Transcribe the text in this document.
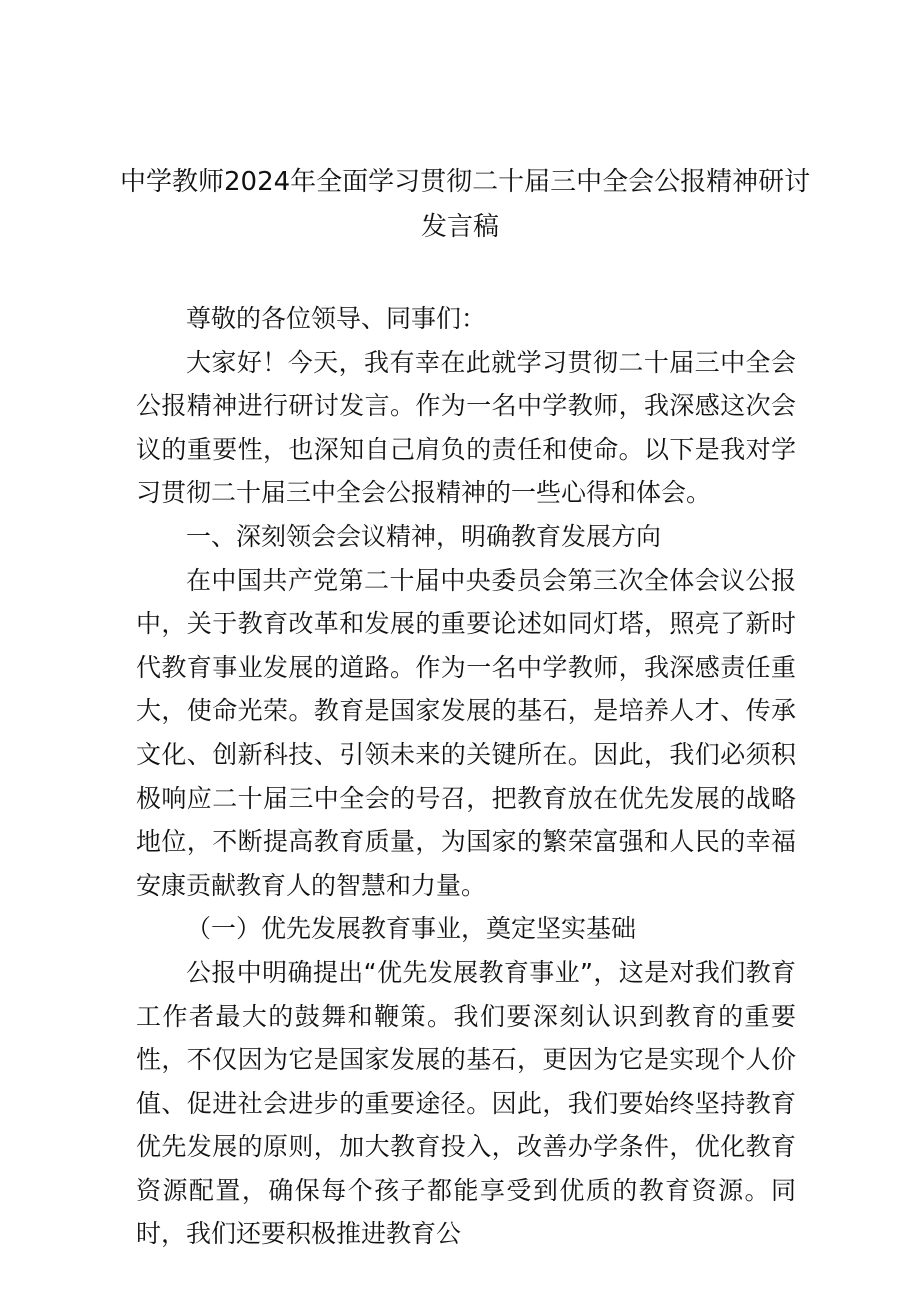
中学教师2024年全面学习贯彻二十届三中全会公报精神研讨
发言稿

尊敬的各位领导、同事们：

大家好！今天，我有幸在此就学习贯彻二十届三中全会公报精神进行研讨发言。作为一名中学教师，我深感这次会议的重要性，也深知自己肩负的责任和使命。以下是我对学习贯彻二十届三中全会公报精神的一些心得和体会。

一、深刻领会会议精神，明确教育发展方向

在中国共产党第二十届中央委员会第三次全体会议公报中，关于教育改革和发展的重要论述如同灯塔，照亮了新时代教育事业发展的道路。作为一名中学教师，我深感责任重大，使命光荣。教育是国家发展的基石，是培养人才、传承文化、创新科技、引领未来的关键所在。因此，我们必须积极响应二十届三中全会的号召，把教育放在优先发展的战略地位，不断提高教育质量，为国家的繁荣富强和人民的幸福安康贡献教育人的智慧和力量。

（一）优先发展教育事业，奠定坚实基础

公报中明确提出“优先发展教育事业”，这是对我们教育工作者最大的鼓舞和鞭策。我们要深刻认识到教育的重要性，不仅因为它是国家发展的基石，更因为它是实现个人价值、促进社会进步的重要途径。因此，我们要始终坚持教育优先发展的原则，加大教育投入，改善办学条件，优化教育资源配置，确保每个孩子都能享受到优质的教育资源。同时，我们还要积极推进教育公
